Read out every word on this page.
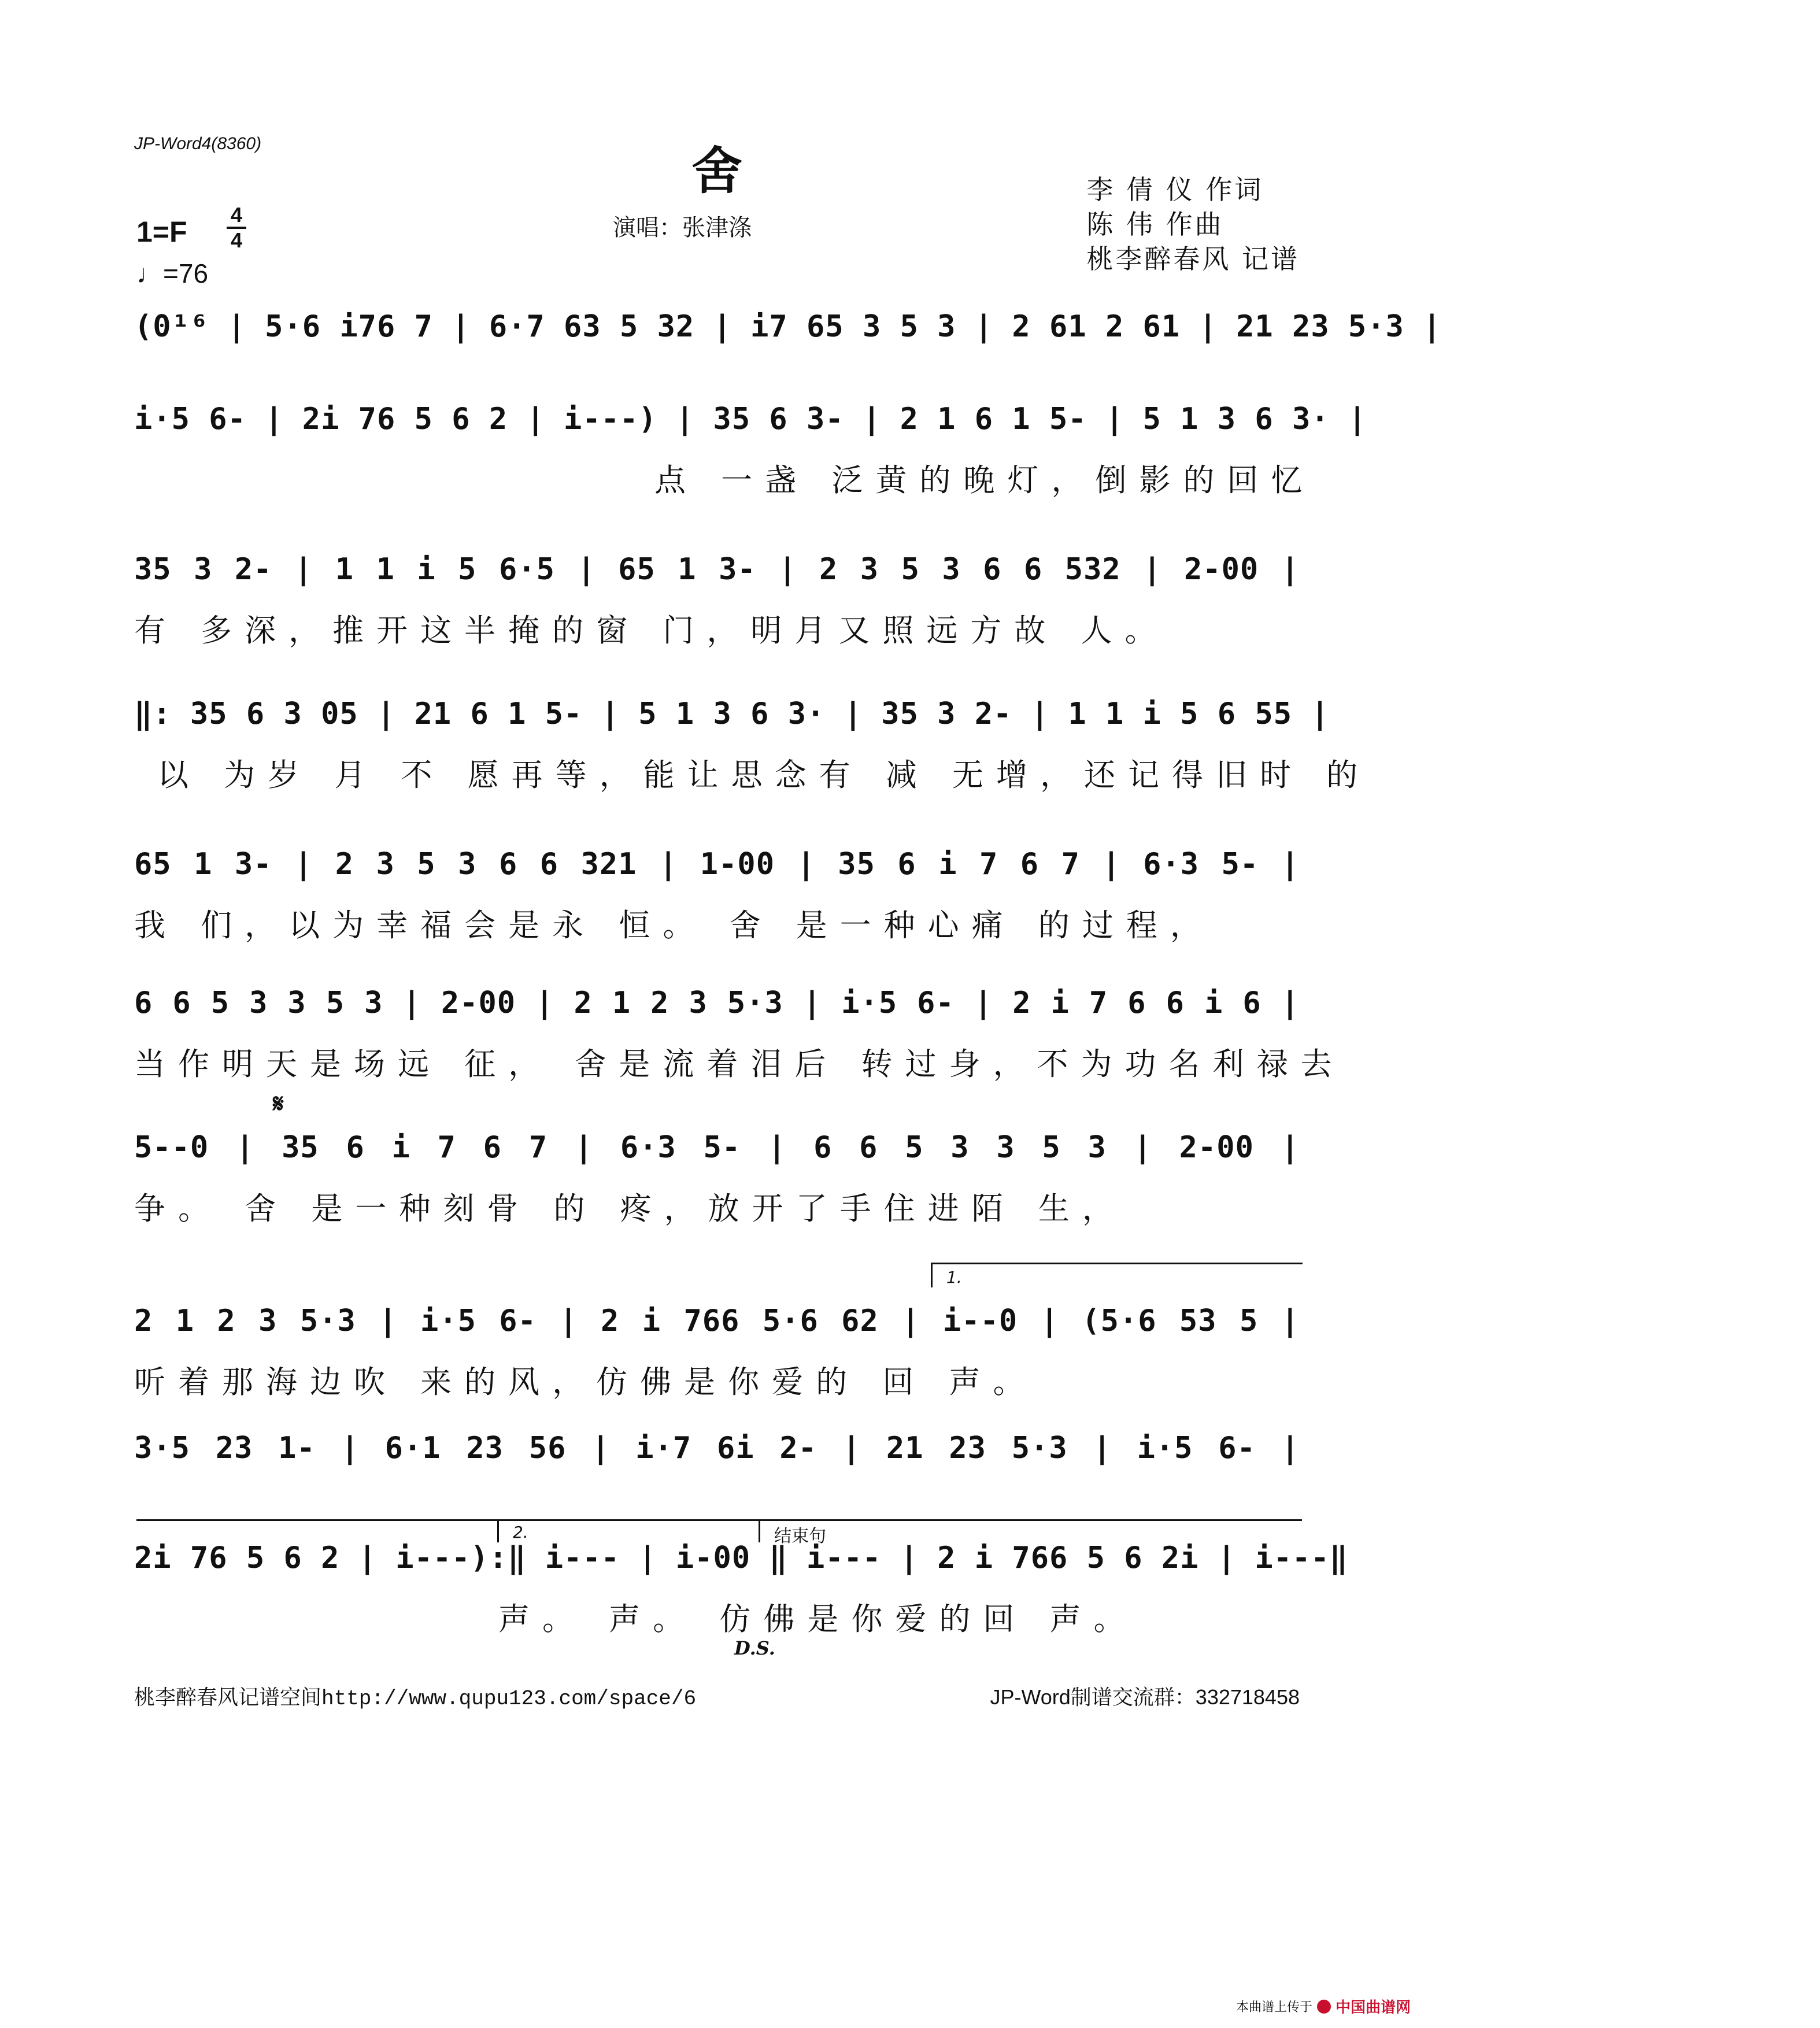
JP-Word4(8360)	舍
演唱：张津涤
李 倩 仪 作词
陈 伟 作曲
桃李醉春风 记谱
1=F
4
4
♩=76
(0¹⁶ | 5·6 i76 7 | 6·7 63 5 32 | i7 65 3 5 3 | 2 61 2 61 | 21 23 5·3 |
i·5 6- | 2i 76 5 6 2 | i---) | 35 6 3- | 2 1 6 1 5- | 5 1 3 6 3· |
点 一盏 泛黄的晚灯，倒影的回忆
35 3 2- | 1 1 i 5 6·5 | 65 1 3- | 2 3 5 3 6 6 532 | 2-00 |
有 多深，推开这半掩的窗 门，明月又照远方故 人。
‖: 35 6 3 05 | 21 6 1 5- | 5 1 3 6 3· | 35 3 2- | 1 1 i 5 6 55 |
以 为岁 月 不 愿再等，能让思念有 减 无增，还记得旧时 的
65 1 3- | 2 3 5 3 6 6 321 | 1-00 | 35 6 i 7 6 7 | 6·3 5- |
我 们，以为幸福会是永 恒。 舍 是一种心痛 的过程，
6 6 5 3 3 5 3 | 2-00 | 2 1 2 3 5·3 | i·5 6- | 2 i 7 6 6 i 6 |
当作明天是场远 征， 舍是流着泪后 转过身，不为功名利禄去
5--0 | 35 6 i 7 6 7 | 6·3 5- | 6 6 5 3 3 5 3 | 2-00 |
争。 舍 是一种刻骨 的 疼，放开了手住进陌 生，
2 1 2 3 5·3 | i·5 6- | 2 i 766 5·6 62 | i--0 | (5·6 53 5 |
听着那海边吹 来的风，仿佛是你爱的 回 声。
3·5 23 1- | 6·1 23 56 | i·7 6i 2- | 21 23 5·3 | i·5 6- |
2i 76 5 6 2 | i---):‖ i--- | i-00 ‖ i--- | 2 i 766 5 6 2i | i---‖
声。 声。 仿佛是你爱的回 声。
𝄋
1.
2.	结束句
D.S.
桃李醉春风记谱空间http://www.qupu123.com/space/6	JP-Word制谱交流群：332718458
本曲谱上传于 中国曲谱网
